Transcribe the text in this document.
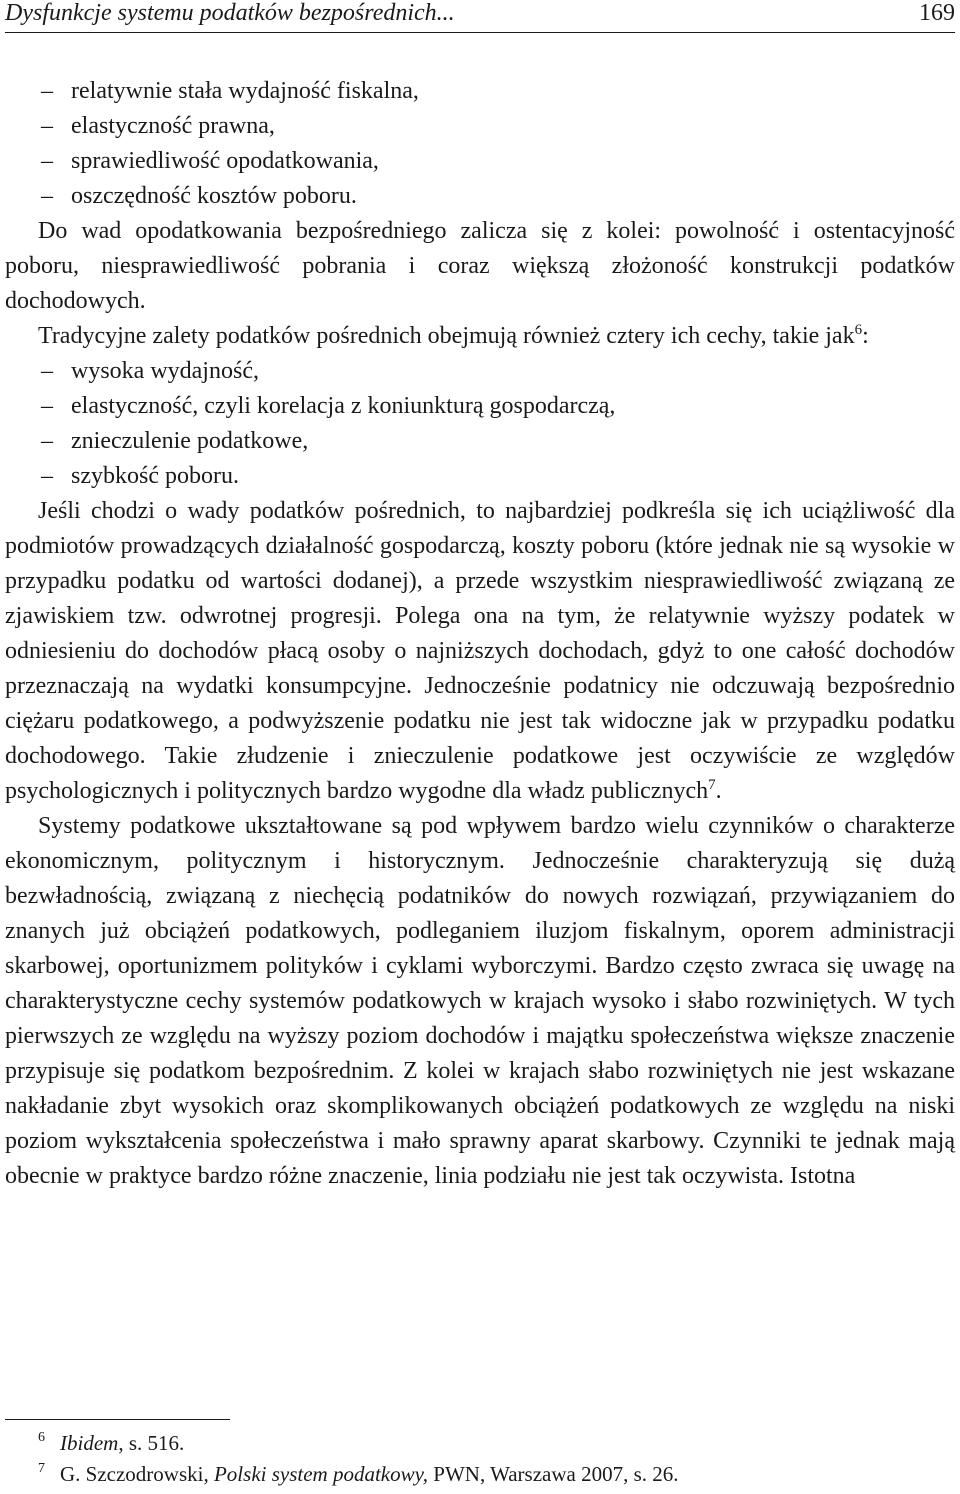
Dysfunkcje systemu podatków bezpośrednich...	169
– relatywnie stała wydajność fiskalna,
– elastyczność prawna,
– sprawiedliwość opodatkowania,
– oszczędność kosztów poboru.
Do wad opodatkowania bezpośredniego zalicza się z kolei: powolność i ostentacyjność poboru, niesprawiedliwość pobrania i coraz większą złożoność konstrukcji podatków dochodowych.
Tradycyjne zalety podatków pośrednich obejmują również cztery ich cechy, takie jak$^6$:
– wysoka wydajność,
– elastyczność, czyli korelacja z koniunkturą gospodarczą,
– znieczulenie podatkowe,
– szybkość poboru.
Jeśli chodzi o wady podatków pośrednich, to najbardziej podkreśla się ich uciążliwość dla podmiotów prowadzących działalność gospodarczą, koszty poboru (które jednak nie są wysokie w przypadku podatku od wartości dodanej), a przede wszystkim niesprawiedliwość związaną ze zjawiskiem tzw. odwrotnej progresji. Polega ona na tym, że relatywnie wyższy podatek w odniesieniu do dochodów płacą osoby o najniższych dochodach, gdyż to one całość dochodów przeznaczają na wydatki konsumpcyjne. Jednocześnie podatnicy nie odczuwają bezpośrednio ciężaru podatkowego, a podwyższenie podatku nie jest tak widoczne jak w przypadku podatku dochodowego. Takie złudzenie i znieczulenie podatkowe jest oczywiście ze względów psychologicznych i politycznych bardzo wygodne dla władz publicznych$^7$.
Systemy podatkowe ukształtowane są pod wpływem bardzo wielu czynników o charakterze ekonomicznym, politycznym i historycznym. Jednocześnie charakteryzują się dużą bezwładnością, związaną z niechęcią podatników do nowych rozwiązań, przywiązaniem do znanych już obciążeń podatkowych, podleganiem iluzjom fiskalnym, oporem administracji skarbowej, oportunizmem polityków i cyklami wyborczymi. Bardzo często zwraca się uwagę na charakterystyczne cechy systemów podatkowych w krajach wysoko i słabo rozwiniętych. W tych pierwszych ze względu na wyższy poziom dochodów i majątku społeczeństwa większe znaczenie przypisuje się podatkom bezpośrednim. Z kolei w krajach słabo rozwiniętych nie jest wskazane nakładanie zbyt wysokich oraz skomplikowanych obciążeń podatkowych ze względu na niski poziom wykształcenia społeczeństwa i mało sprawny aparat skarbowy. Czynniki te jednak mają obecnie w praktyce bardzo różne znaczenie, linia podziału nie jest tak oczywista. Istotna
6 Ibidem, s. 516.
7 G. Szczodrowski, Polski system podatkowy, PWN, Warszawa 2007, s. 26.
